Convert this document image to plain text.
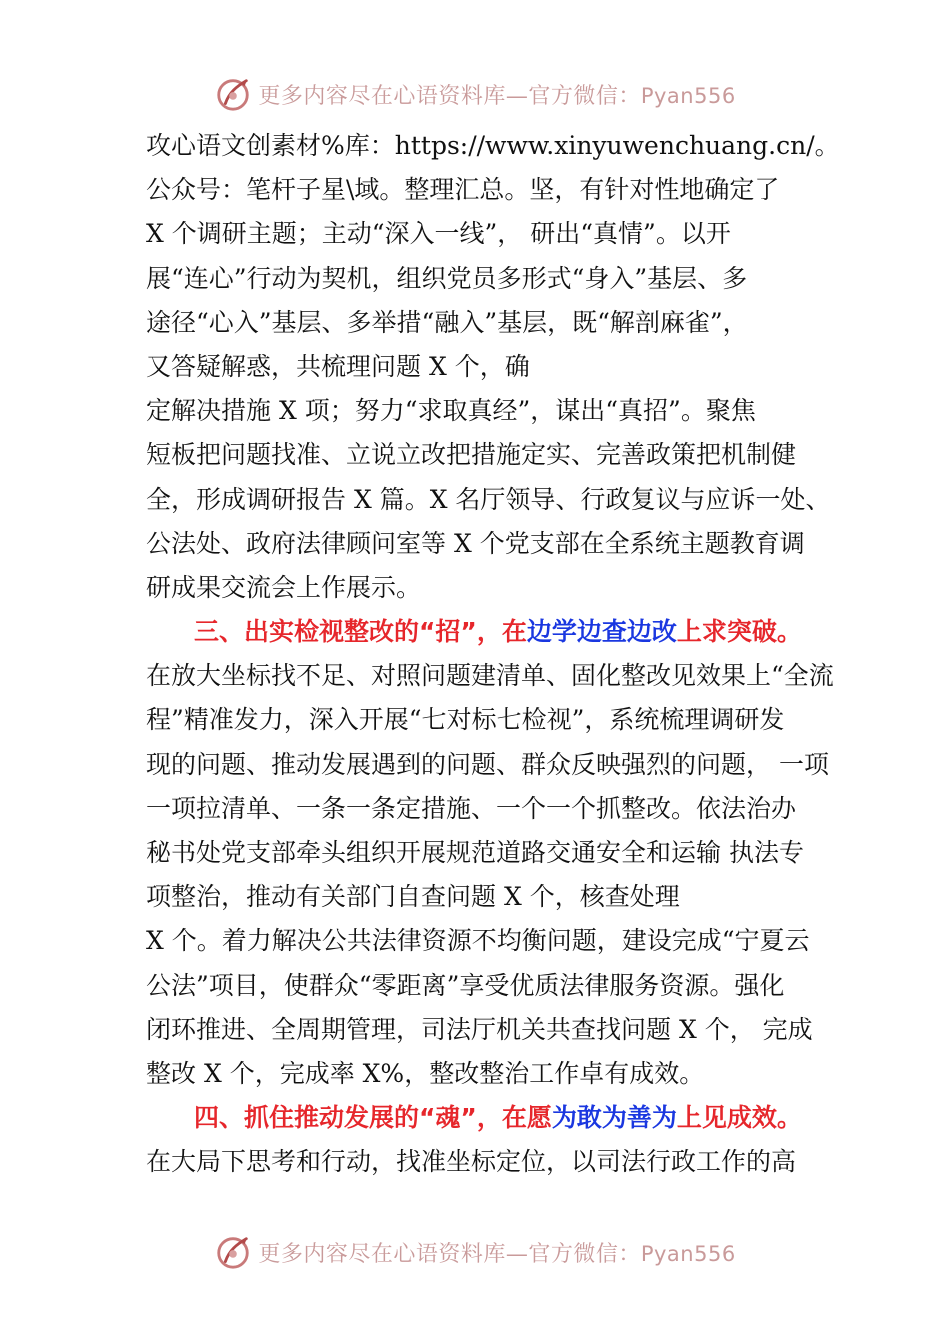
更多内容尽在心语资料库—官方微信：Pyan556
攻心语文创素材%库：https://www.xinyuwenchuang.cn/。
公众号：笔杆子星\域。整理汇总。坚，有针对性地确定了
X 个调研主题；主动“深入一线”， 研出“真情”。以开
展“连心”行动为契机，组织党员多形式“身入”基层、多
途径“心入”基层、多举措“融入”基层，既“解剖麻雀”，
又答疑解惑，共梳理问题 X 个，确
定解决措施 X 项；努力“求取真经”，谋出“真招”。聚焦
短板把问题找准、立说立改把措施定实、完善政策把机制健
全，形成调研报告 X 篇。X 名厅领导、行政复议与应诉一处、
公法处、政府法律顾问室等 X 个党支部在全系统主题教育调
研成果交流会上作展示。
三、出实检视整改的“招”，在边学边查边改上求突破。
在放大坐标找不足、对照问题建清单、固化整改见效果上“全流
程”精准发力，深入开展“七对标七检视”，系统梳理调研发
现的问题、推动发展遇到的问题、群众反映强烈的问题， 一项
一项拉清单、一条一条定措施、一个一个抓整改。依法治办
秘书处党支部牵头组织开展规范道路交通安全和运输 执法专
项整治，推动有关部门自查问题 X 个，核查处理
X 个。着力解决公共法律资源不均衡问题，建设完成“宁夏云
公法”项目，使群众“零距离”享受优质法律服务资源。强化
闭环推进、全周期管理，司法厅机关共查找问题 X 个， 完成
整改 X 个，完成率 X%，整改整治工作卓有成效。
四、抓住推动发展的“魂”，在愿为敢为善为上见成效。
在大局下思考和行动，找准坐标定位，以司法行政工作的高
更多内容尽在心语资料库—官方微信：Pyan556
